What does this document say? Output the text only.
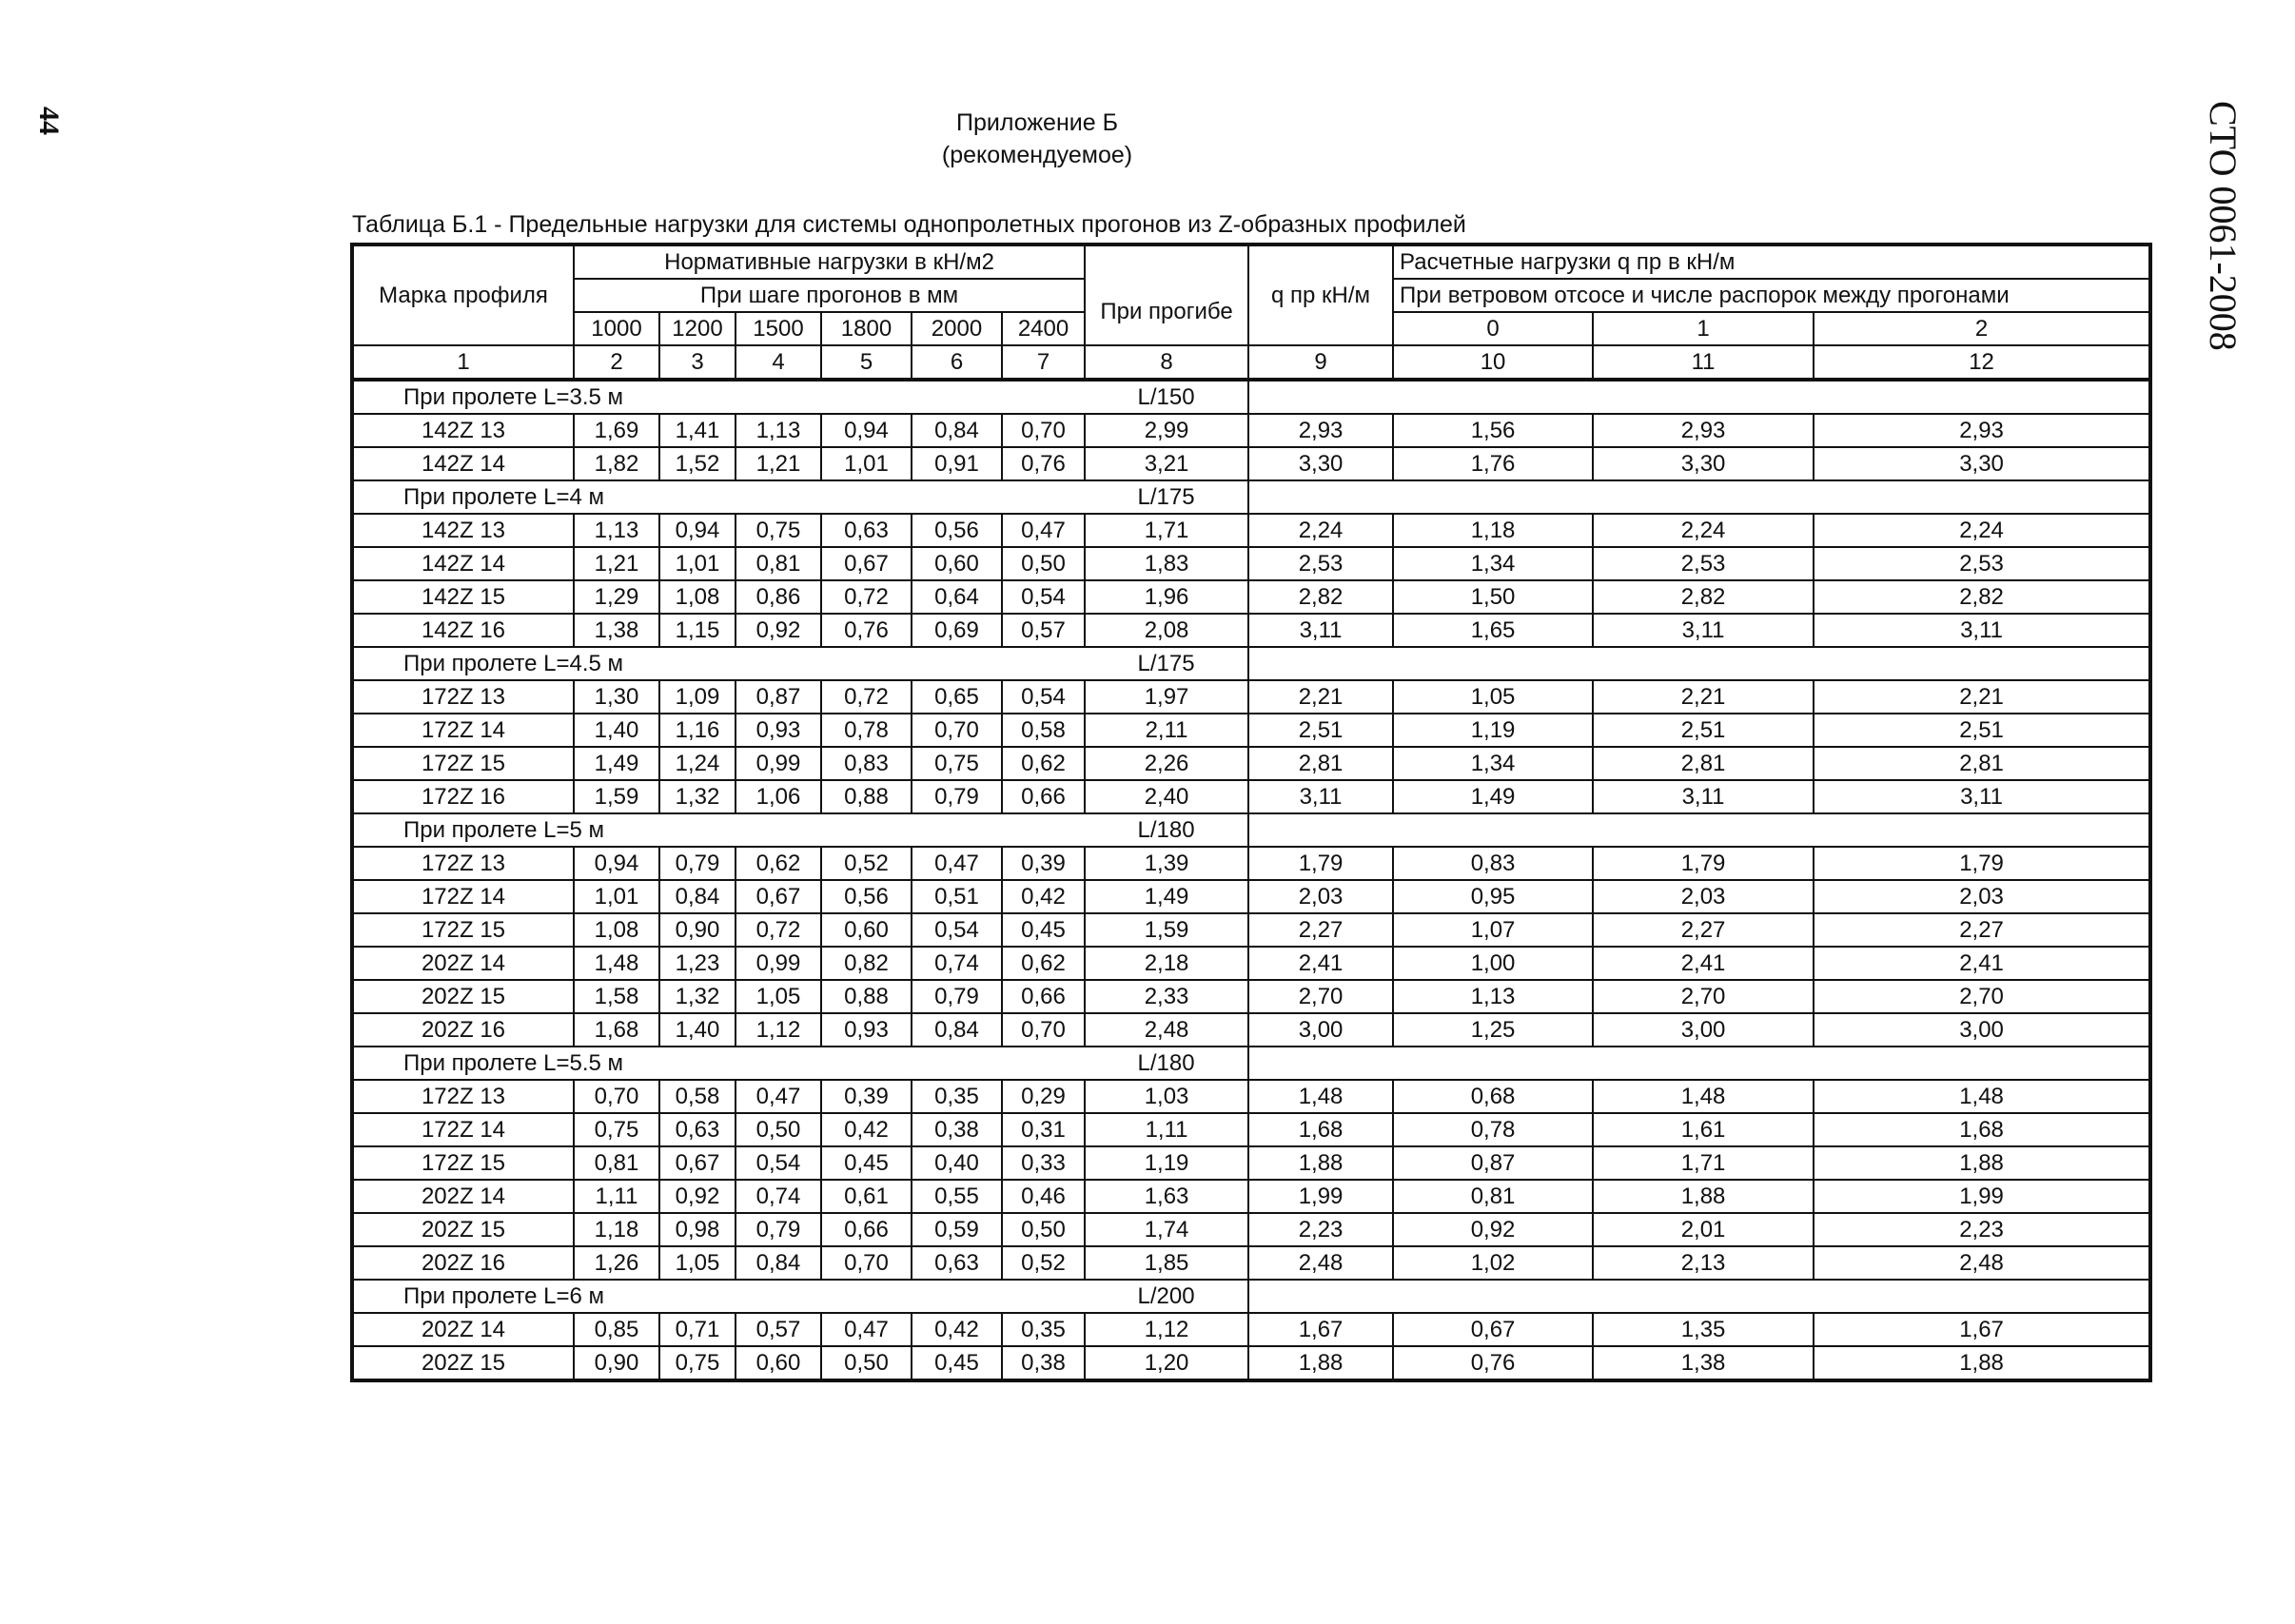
44	СТО 0061-2008
Приложение Б
(рекомендуемое)
Таблица Б.1 - Предельные нагрузки для системы однопролетных прогонов из Z-образных профилей
Марка профиля	Нормативные нагрузки в кН/м2							q пр кН/м	Расчетные нагрузки q пр в кН/м		
	При шаге прогонов в мм						При прогибе		При ветровом отсосе и числе распорок между прогонами		
	1000	1200	1500	1800	2000	2400			0	1	2
1	2	3	4	5	6	7	8	9	10	11	12
При пролете L=3.5 м							L/150				
142Z 13	1,69	1,41	1,13	0,94	0,84	0,70	2,99	2,93	1,56	2,93	2,93
142Z 14	1,82	1,52	1,21	1,01	0,91	0,76	3,21	3,30	1,76	3,30	3,30
При пролете L=4 м							L/175				
142Z 13	1,13	0,94	0,75	0,63	0,56	0,47	1,71	2,24	1,18	2,24	2,24
142Z 14	1,21	1,01	0,81	0,67	0,60	0,50	1,83	2,53	1,34	2,53	2,53
142Z 15	1,29	1,08	0,86	0,72	0,64	0,54	1,96	2,82	1,50	2,82	2,82
142Z 16	1,38	1,15	0,92	0,76	0,69	0,57	2,08	3,11	1,65	3,11	3,11
При пролете L=4.5 м							L/175				
172Z 13	1,30	1,09	0,87	0,72	0,65	0,54	1,97	2,21	1,05	2,21	2,21
172Z 14	1,40	1,16	0,93	0,78	0,70	0,58	2,11	2,51	1,19	2,51	2,51
172Z 15	1,49	1,24	0,99	0,83	0,75	0,62	2,26	2,81	1,34	2,81	2,81
172Z 16	1,59	1,32	1,06	0,88	0,79	0,66	2,40	3,11	1,49	3,11	3,11
При пролете L=5 м							L/180				
172Z 13	0,94	0,79	0,62	0,52	0,47	0,39	1,39	1,79	0,83	1,79	1,79
172Z 14	1,01	0,84	0,67	0,56	0,51	0,42	1,49	2,03	0,95	2,03	2,03
172Z 15	1,08	0,90	0,72	0,60	0,54	0,45	1,59	2,27	1,07	2,27	2,27
202Z 14	1,48	1,23	0,99	0,82	0,74	0,62	2,18	2,41	1,00	2,41	2,41
202Z 15	1,58	1,32	1,05	0,88	0,79	0,66	2,33	2,70	1,13	2,70	2,70
202Z 16	1,68	1,40	1,12	0,93	0,84	0,70	2,48	3,00	1,25	3,00	3,00
При пролете L=5.5 м							L/180				
172Z 13	0,70	0,58	0,47	0,39	0,35	0,29	1,03	1,48	0,68	1,48	1,48
172Z 14	0,75	0,63	0,50	0,42	0,38	0,31	1,11	1,68	0,78	1,61	1,68
172Z 15	0,81	0,67	0,54	0,45	0,40	0,33	1,19	1,88	0,87	1,71	1,88
202Z 14	1,11	0,92	0,74	0,61	0,55	0,46	1,63	1,99	0,81	1,88	1,99
202Z 15	1,18	0,98	0,79	0,66	0,59	0,50	1,74	2,23	0,92	2,01	2,23
202Z 16	1,26	1,05	0,84	0,70	0,63	0,52	1,85	2,48	1,02	2,13	2,48
При пролете L=6 м							L/200				
202Z 14	0,85	0,71	0,57	0,47	0,42	0,35	1,12	1,67	0,67	1,35	1,67
202Z 15	0,90	0,75	0,60	0,50	0,45	0,38	1,20	1,88	0,76	1,38	1,88
